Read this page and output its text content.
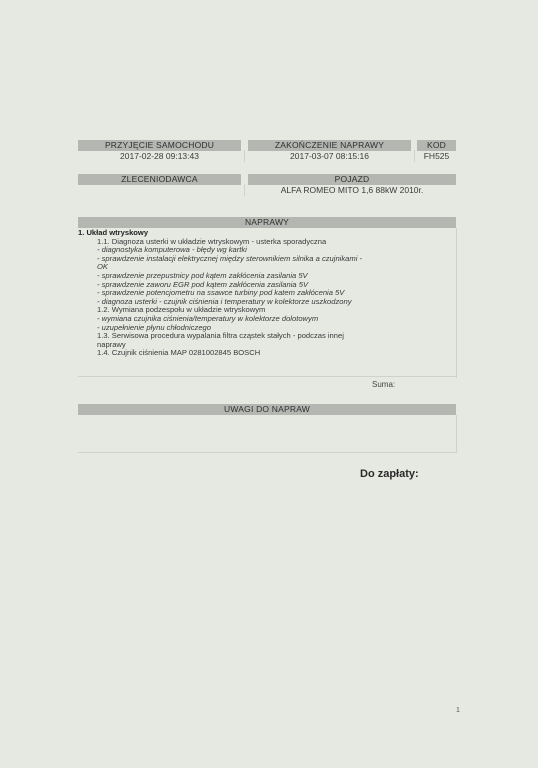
PRZYJĘCIE SAMOCHODU
2017-02-28 09:13:43
ZAKOŃCZENIE NAPRAWY
2017-03-07 08:15:16
KOD
FH525
ZLECENIODAWCA	POJAZD
ALFA ROMEO MITO 1,6 88kW 2010r.
NAPRAWY
1. Układ wtryskowy
1.1. Diagnoza usterki w układzie wtryskowym - usterka sporadyczna
- diagnostyka komputerowa - błędy wg kartki
- sprawdzenie instalacji elektrycznej między sterownikiem silnika a czujnikami -
OK
- sprawdzenie przepustnicy pod kątem zakłócenia zasilania 5V
- sprawdzenie zaworu EGR pod kątem zakłócenia zasilania 5V
- sprawdzenie potencjometru na ssawce turbiny pod katem zakłócenia 5V
- diagnoza usterki - czujnik ciśnienia i temperatury w kolektorze uszkodzony
1.2. Wymiana podzespołu w układzie wtryskowym
- wymiana czujnika ciśnienia/temperatury w kolektorze dolotowym
- uzupełnienie płynu chłodniczego
1.3. Serwisowa procedura wypalania filtra cząstek stałych - podczas innej
naprawy
1.4. Czujnik ciśnienia MAP 0281002845 BOSCH
Suma:
UWAGI DO NAPRAW
Do zapłaty:
1
